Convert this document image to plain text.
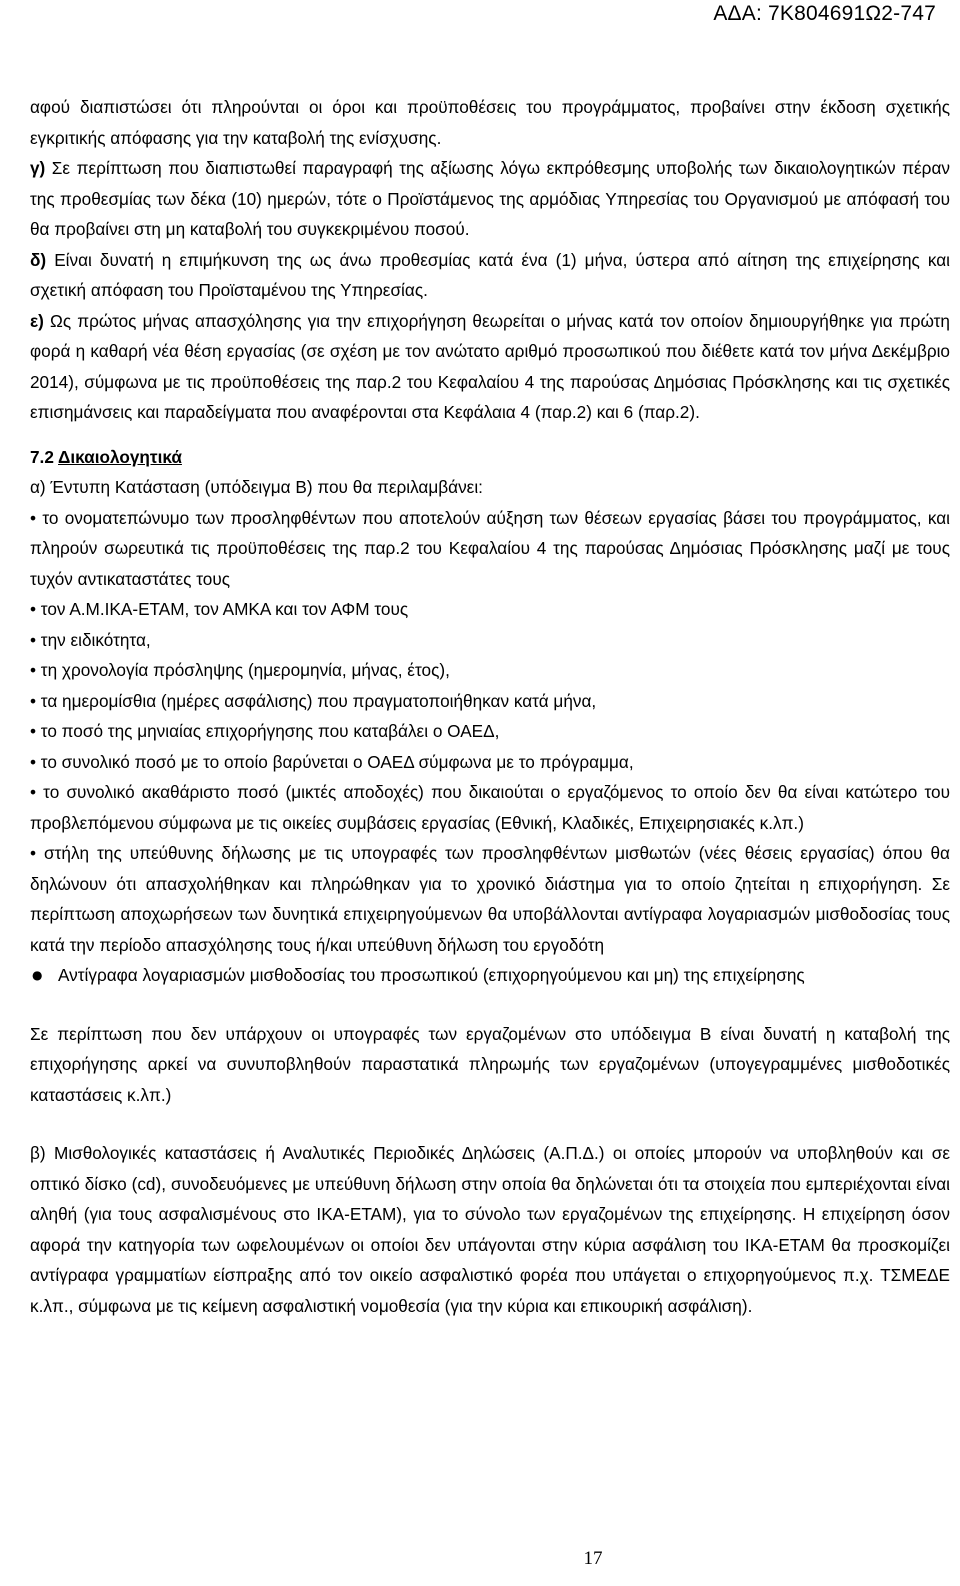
ΑΔΑ: 7Κ804691Ω2-747

αφού διαπιστώσει ότι πληρούνται οι όροι και προϋποθέσεις του προγράμματος, προβαίνει στην έκδοση σχετικής εγκριτικής απόφασης για την καταβολή της ενίσχυσης.

γ) Σε περίπτωση που διαπιστωθεί παραγραφή της αξίωσης λόγω εκπρόθεσμης υποβολής των δικαιολογητικών πέραν της προθεσμίας των δέκα (10) ημερών, τότε ο Προϊστάμενος της αρμόδιας Υπηρεσίας του Οργανισμού με απόφασή του θα προβαίνει στη μη καταβολή του συγκεκριμένου ποσού.

δ) Είναι δυνατή η επιμήκυνση της ως άνω προθεσμίας κατά ένα (1) μήνα, ύστερα από αίτηση της επιχείρησης και σχετική απόφαση του Προϊσταμένου της Υπηρεσίας.

ε) Ως πρώτος μήνας απασχόλησης για την επιχορήγηση θεωρείται ο μήνας κατά τον οποίον δημιουργήθηκε για πρώτη φορά η καθαρή νέα θέση εργασίας (σε σχέση με τον ανώτατο αριθμό προσωπικού που διέθετε κατά τον μήνα Δεκέμβριο 2014), σύμφωνα με τις προϋποθέσεις της παρ.2 του Κεφαλαίου 4 της παρούσας Δημόσιας Πρόσκλησης και τις σχετικές επισημάνσεις και παραδείγματα που αναφέρονται στα Κεφάλαια 4 (παρ.2) και 6 (παρ.2).

7.2 Δικαιολογητικά

α) Έντυπη Κατάσταση (υπόδειγμα Β) που θα περιλαμβάνει:

• το ονοματεπώνυμο των προσληφθέντων που αποτελούν αύξηση των θέσεων εργασίας βάσει του προγράμματος, και πληρούν σωρευτικά τις προϋποθέσεις της παρ.2 του Κεφαλαίου 4 της παρούσας Δημόσιας Πρόσκλησης μαζί με τους τυχόν αντικαταστάτες τους

• τον Α.Μ.ΙΚΑ-ΕΤΑΜ, τον ΑΜΚΑ και τον ΑΦΜ τους

• την ειδικότητα,

• τη χρονολογία πρόσληψης (ημερομηνία, μήνας, έτος),

• τα ημερομίσθια (ημέρες ασφάλισης) που πραγματοποιήθηκαν κατά μήνα,

• το ποσό της μηνιαίας επιχορήγησης που καταβάλει ο ΟΑΕΔ,

• το συνολικό ποσό με το οποίο βαρύνεται ο ΟΑΕΔ σύμφωνα με το πρόγραμμα,

• το συνολικό ακαθάριστο ποσό (μικτές αποδοχές) που δικαιούται ο εργαζόμενος το οποίο δεν θα είναι κατώτερο του προβλεπόμενου σύμφωνα με τις οικείες συμβάσεις εργασίας (Εθνική, Κλαδικές, Επιχειρησιακές κ.λπ.)

• στήλη της υπεύθυνης δήλωσης με τις υπογραφές των προσληφθέντων μισθωτών (νέες θέσεις εργασίας) όπου θα δηλώνουν ότι απασχολήθηκαν και πληρώθηκαν για το χρονικό διάστημα για το οποίο ζητείται η επιχορήγηση. Σε περίπτωση αποχωρήσεων των δυνητικά επιχειρηγούμενων θα υποβάλλονται αντίγραφα λογαριασμών μισθοδοσίας τους κατά την περίοδο απασχόλησης τους ή/και υπεύθυνη δήλωση του εργοδότη

● Αντίγραφα λογαριασμών μισθοδοσίας του προσωπικού (επιχορηγούμενου και μη) της επιχείρησης

Σε περίπτωση που δεν υπάρχουν οι υπογραφές των εργαζομένων στο υπόδειγμα Β είναι δυνατή η καταβολή της επιχορήγησης αρκεί να συνυποβληθούν παραστατικά πληρωμής των εργαζομένων (υπογεγραμμένες μισθοδοτικές καταστάσεις κ.λπ.)

β) Μισθολογικές καταστάσεις ή Αναλυτικές Περιοδικές Δηλώσεις (Α.Π.Δ.) οι οποίες μπορούν να υποβληθούν και σε οπτικό δίσκο (cd), συνοδευόμενες με υπεύθυνη δήλωση στην οποία θα δηλώνεται ότι τα στοιχεία που εμπεριέχονται είναι αληθή (για τους ασφαλισμένους στο ΙΚΑ-ΕΤΑΜ), για το σύνολο των εργαζομένων της επιχείρησης. Η επιχείρηση όσον αφορά την κατηγορία των ωφελουμένων οι οποίοι δεν υπάγονται στην κύρια ασφάλιση του ΙΚΑ-ΕΤΑΜ θα προσκομίζει αντίγραφα γραμματίων είσπραξης από τον οικείο ασφαλιστικό φορέα που υπάγεται ο επιχορηγούμενος π.χ. ΤΣΜΕΔΕ κ.λπ., σύμφωνα με τις κείμενη ασφαλιστική νομοθεσία (για την κύρια και επικουρική ασφάλιση).

17
